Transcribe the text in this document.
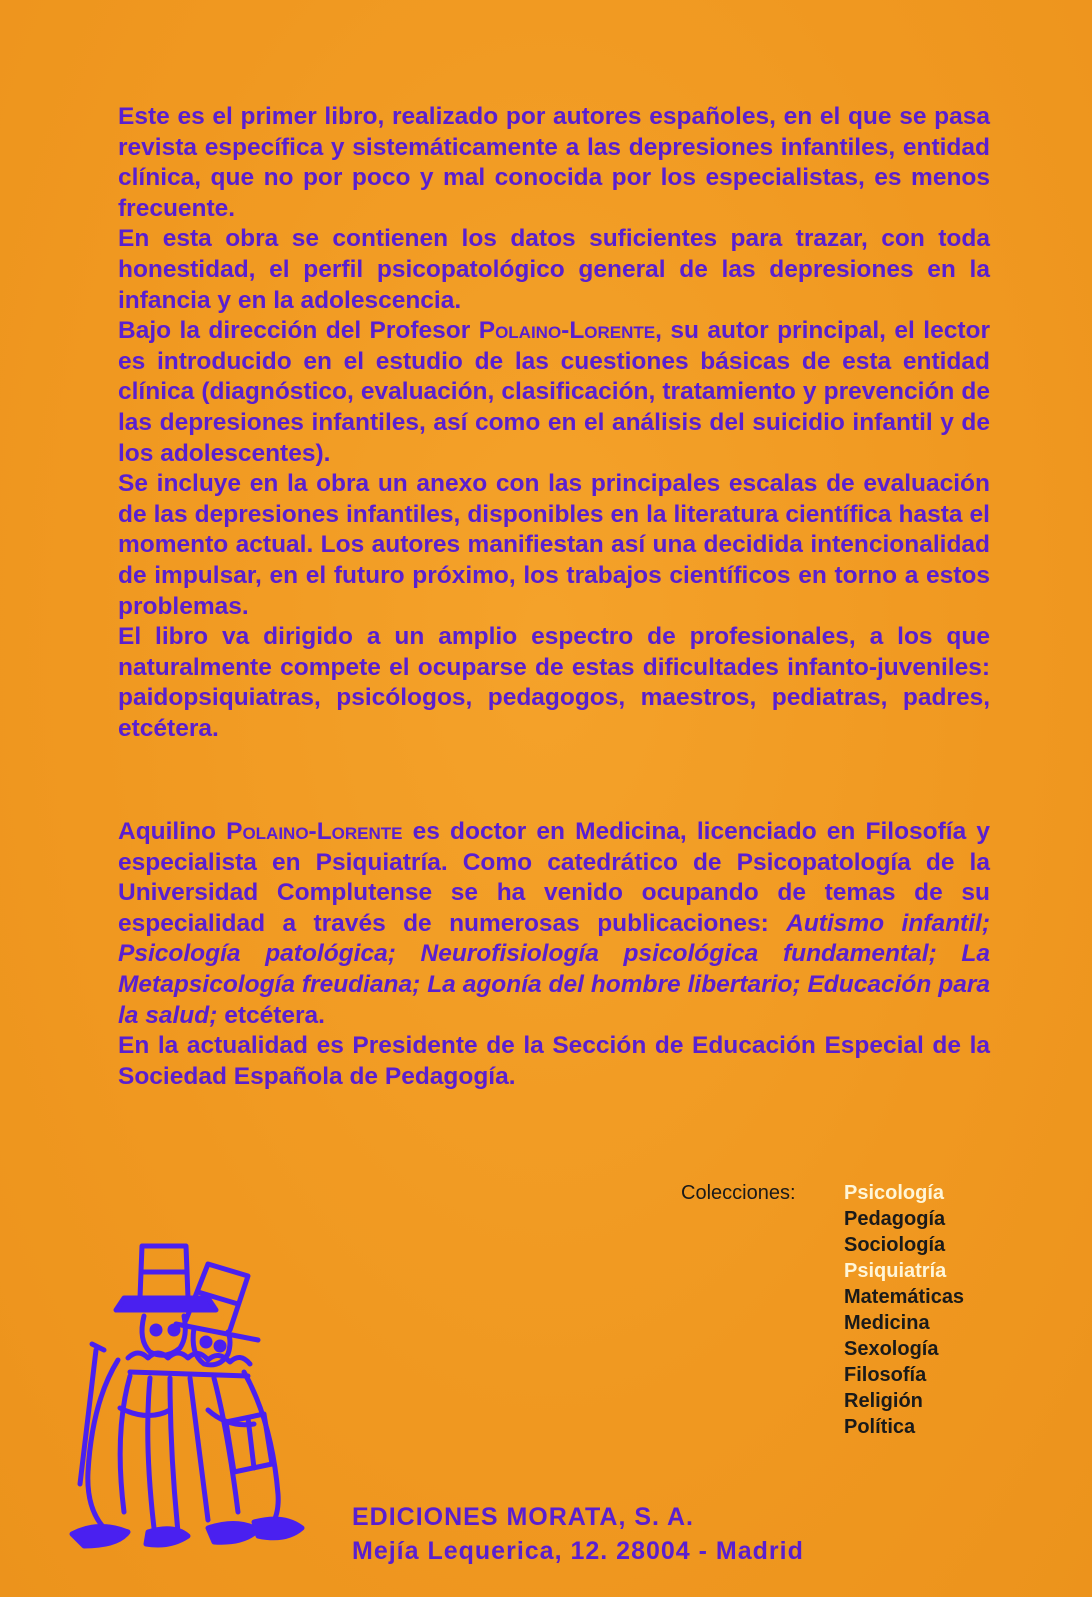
Este es el primer libro, realizado por autores españoles, en el que se pasa revista específica y sistemáticamente a las depresiones infantiles, entidad clínica, que no por poco y mal conocida por los especialistas, es menos frecuente.

En esta obra se contienen los datos suficientes para trazar, con toda honestidad, el perfil psicopatológico general de las depresiones en la infancia y en la adolescencia.

Bajo la dirección del Profesor Polaino-Lorente, su autor principal, el lector es introducido en el estudio de las cuestiones básicas de esta entidad clínica (diagnóstico, evaluación, clasificación, tratamiento y prevención de las depresiones infantiles, así como en el análisis del suicidio infantil y de los adolescentes).

Se incluye en la obra un anexo con las principales escalas de evaluación de las depresiones infantiles, disponibles en la literatura científica hasta el momento actual. Los autores manifiestan así una decidida intencionalidad de impulsar, en el futuro próximo, los trabajos científicos en torno a estos problemas.

El libro va dirigido a un amplio espectro de profesionales, a los que naturalmente compete el ocuparse de estas dificultades infanto-juveniles: paidopsiquiatras, psicólogos, pedagogos, maestros, pediatras, padres, etcétera.

Aquilino Polaino-Lorente es doctor en Medicina, licenciado en Filosofía y especialista en Psiquiatría. Como catedrático de Psicopatología de la Universidad Complutense se ha venido ocupando de temas de su especialidad a través de numerosas publicaciones: Autismo infantil; Psicología patológica; Neurofisiología psicológica fundamental; La Metapsicología freudiana; La agonía del hombre libertario; Educación para la salud; etcétera.

En la actualidad es Presidente de la Sección de Educación Especial de la Sociedad Española de Pedagogía.

Colecciones:	Psicología
Pedagogía
Sociología
Psiquiatría
Matemáticas
Medicina
Sexología
Filosofía
Religión
Política
EDICIONES MORATA, S. A.
Mejía Lequerica, 12. 28004 - Madrid
